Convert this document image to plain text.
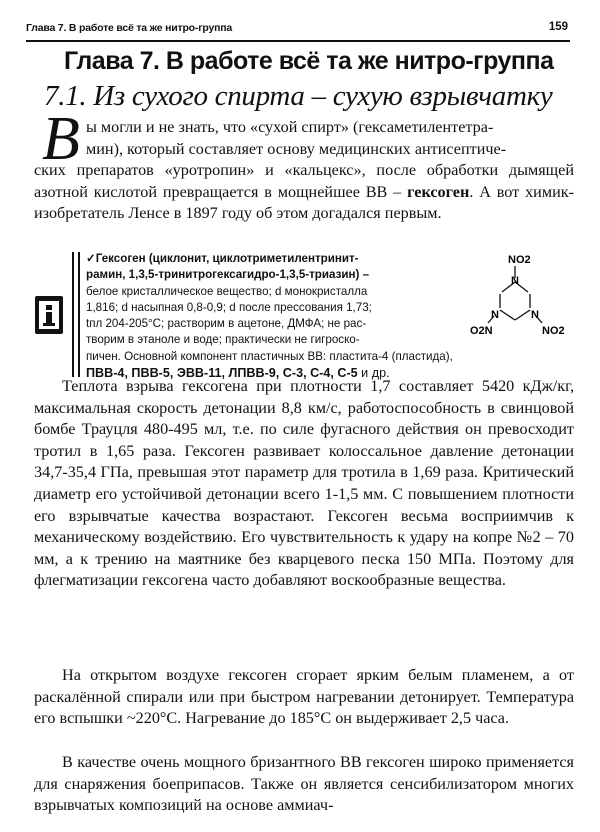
Глава 7. В работе всё та же нитро-группа	159
Глава 7. В работе всё та же нитро-группа
7.1. Из сухого спирта – сухую взрывчатку
В ы могли и не знать, что «сухой спирт» (гексаметилентетра-
мин), который составляет основу медицинских антисептиче-
ских препаратов «уротропин» и «кальцекс», после обработки дымящей азотной кислотой превращается в мощнейшее ВВ – гексоген. А вот химик-изобретатель Ленсе в 1897 году об этом догадался первым.
✓Гексоген (циклонит, циклотриметилентринит-
рамин, 1,3,5-тринитрогексагидро-1,3,5-триазин) –
белое кристаллическое вещество; d монокристалла
1,816; d насыпная 0,8-0,9; d после прессования 1,73;
tпл 204-205°С; растворим в ацетоне, ДМФА; не рас-
творим в этаноле и воде; практически не гигроско-
пичен. Основной компонент пластичных ВВ: пластита-4 (пластида),
ПВВ-4, ПВВ-5, ЭВВ-11, ЛПВВ-9, С-3, С-4, С-5 и др.
N
N	N
NO2
O2N	NO2
Теплота взрыва гексогена при плотности 1,7 составляет 5420 кДж/кг, максимальная скорость детонации 8,8 км/с, работоспособность в свинцовой бомбе Трауцля 480-495 мл, т.е. по силе фугасного действия он превосходит тротил в 1,65 раза. Гексоген развивает колоссальное давление детонации 34,7-35,4 ГПа, превышая этот параметр для тротила в 1,69 раза. Критический диаметр его устойчивой детонации всего 1-1,5 мм. С повышением плотности его взрывчатые качества возрастают. Гексоген весьма восприимчив к механическому воздействию. Его чувствительность к удару на копре №2 – 70 мм, а к трению на маятнике без кварцевого песка 150 МПа. Поэтому для флегматизации гексогена часто добавляют воскообразные вещества.
На открытом воздухе гексоген сгорает ярким белым пламенем, а от раскалённой спирали или при быстром нагревании детонирует. Температура его вспышки ~220°С. Нагревание до 185°С он выдерживает 2,5 часа.
В качестве очень мощного бризантного ВВ гексоген широко применяется для снаряжения боеприпасов. Также он является сенсибилизатором многих взрывчатых композиций на основе аммиач-
